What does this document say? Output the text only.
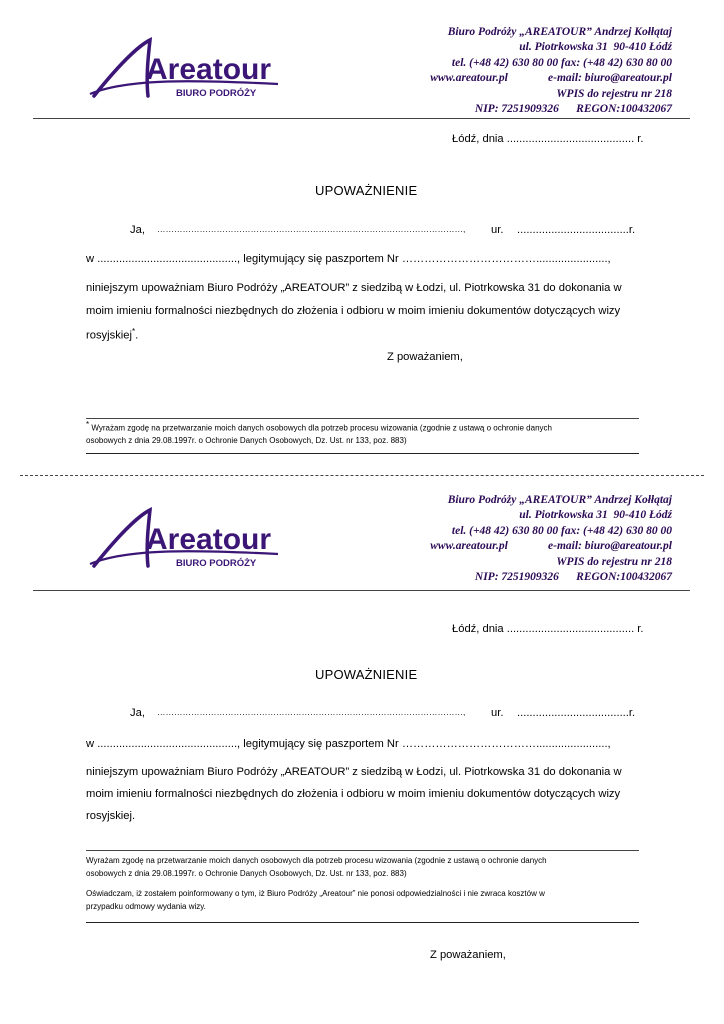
Areatour
BIURO PODRÓŻY
Biuro Podróży „AREATOUR” Andrzej Kołłątaj
ul. Piotrkowska 31  90-410 Łódź
tel. (+48 42) 630 80 00 fax: (+48 42) 630 80 00
www.areatour.pl	e-mail: biuro@areatour.pl
WPIS do rejestru nr 218
NIP: 7251909326 REGON:100432067
Łódź, dnia ......................................... r.
UPOWAŻNIENIE
Ja, ………………………………………………………………………………………………, ur. ....................................r.
w ............................................., legitymujący się paszportem Nr ……………………………….......................,
niniejszym upoważniam Biuro Podróży „AREATOUR” z siedzibą w Łodzi, ul. Piotrkowska 31 do dokonania w
moim imieniu formalności niezbędnych do złożenia i odbioru w moim imieniu dokumentów dotyczących wizy
rosyjskiej*.
Z poważaniem,
* Wyrażam zgodę na przetwarzanie moich danych osobowych dla potrzeb procesu wizowania (zgodnie z ustawą o ochronie danych
osobowych z dnia 29.08.1997r. o Ochronie Danych Osobowych, Dz. Ust. nr 133, poz. 883)
Areatour
BIURO PODRÓŻY
Biuro Podróży „AREATOUR” Andrzej Kołłątaj
ul. Piotrkowska 31  90-410 Łódź
tel. (+48 42) 630 80 00 fax: (+48 42) 630 80 00
www.areatour.pl	e-mail: biuro@areatour.pl
WPIS do rejestru nr 218
NIP: 7251909326 REGON:100432067
Łódź, dnia ......................................... r.
UPOWAŻNIENIE
Ja, ………………………………………………………………………………………………, ur. ....................................r.
w ............................................., legitymujący się paszportem Nr ……………………………….......................,
niniejszym upoważniam Biuro Podróży „AREATOUR” z siedzibą w Łodzi, ul. Piotrkowska 31 do dokonania w
moim imieniu formalności niezbędnych do złożenia i odbioru w moim imieniu dokumentów dotyczących wizy
rosyjskiej.
Wyrażam zgodę na przetwarzanie moich danych osobowych dla potrzeb procesu wizowania (zgodnie z ustawą o ochronie danych
osobowych z dnia 29.08.1997r. o Ochronie Danych Osobowych, Dz. Ust. nr 133, poz. 883)
Oświadczam, iż zostałem poinformowany o tym, iż Biuro Podróży „Areatour” nie ponosi odpowiedzialności i nie zwraca kosztów w
przypadku odmowy wydania wizy.
Z poważaniem,
